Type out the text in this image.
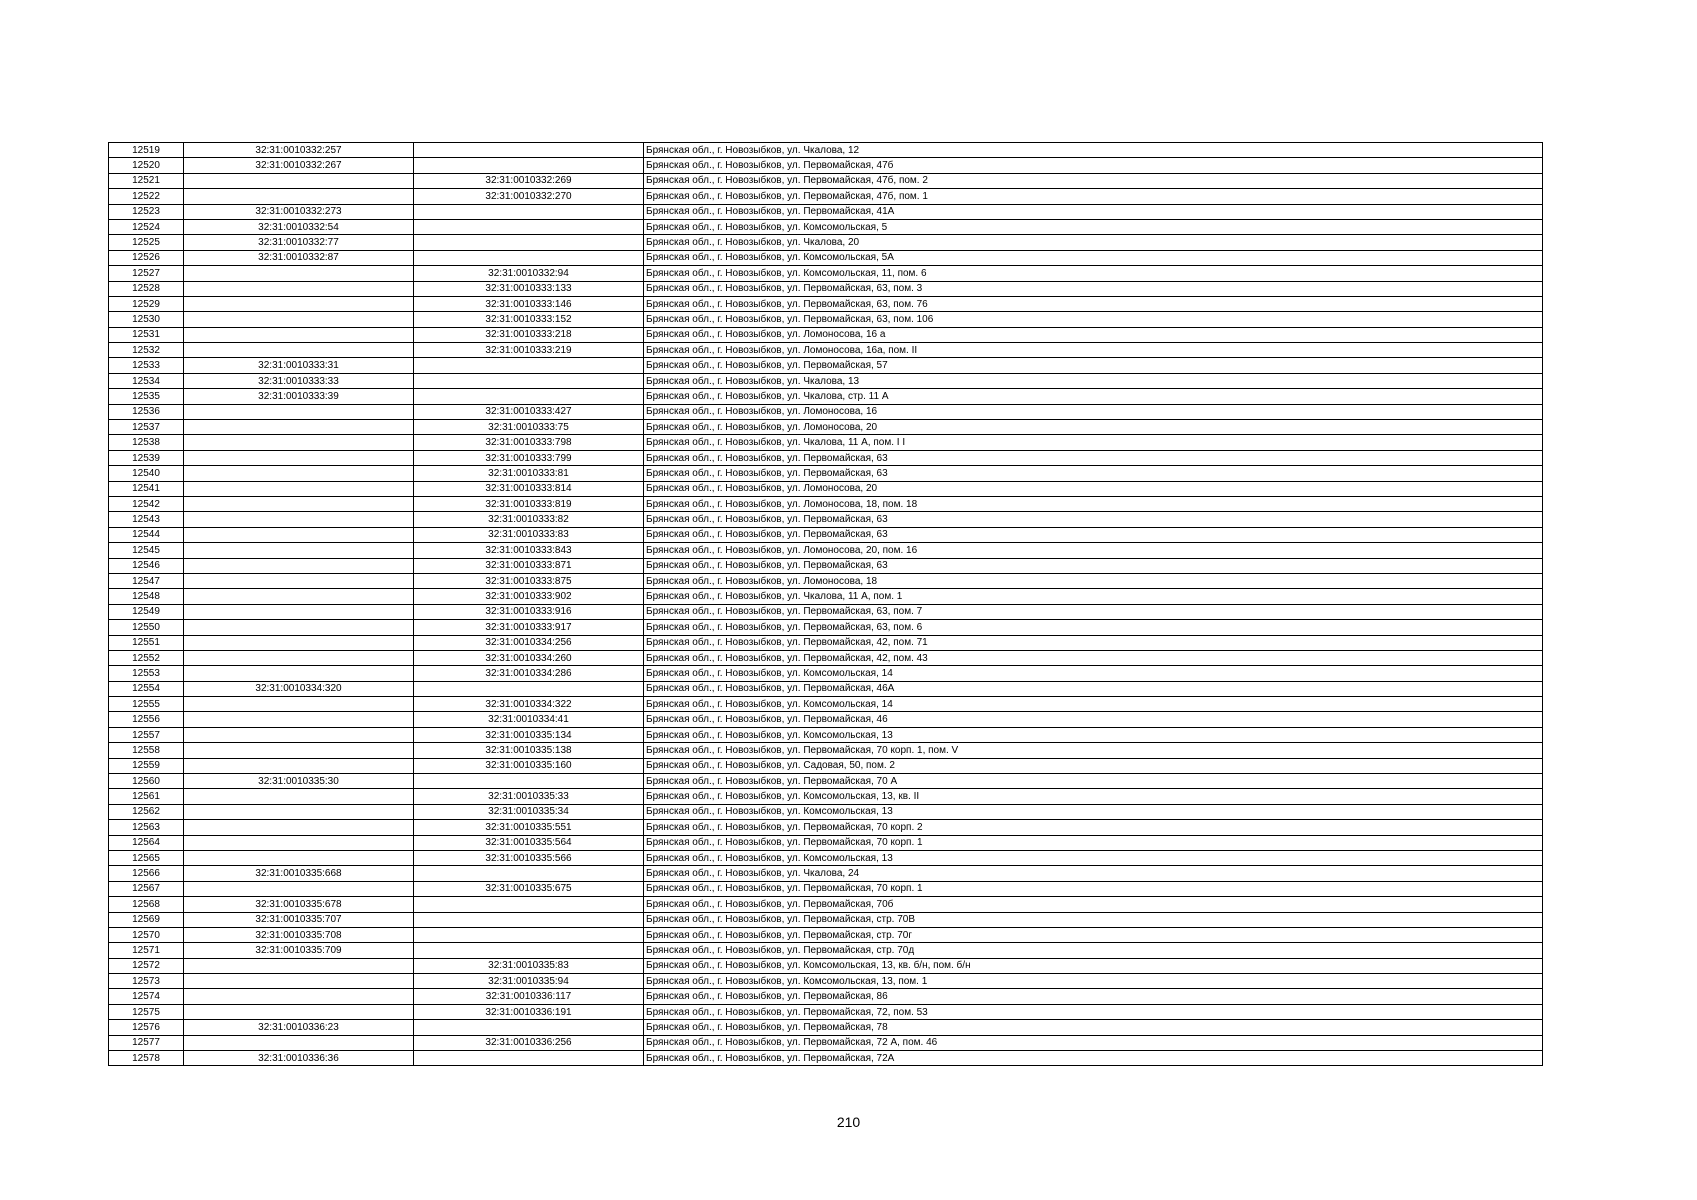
12519	32:31:0010332:257		Брянская обл., г. Новозыбков, ул. Чкалова, 12
12520	32:31:0010332:267		Брянская обл., г. Новозыбков, ул. Первомайская, 47б
12521		32:31:0010332:269	Брянская обл., г. Новозыбков, ул. Первомайская, 47б, пом. 2
12522		32:31:0010332:270	Брянская обл., г. Новозыбков, ул. Первомайская, 47б, пом. 1
12523	32:31:0010332:273		Брянская обл., г. Новозыбков, ул. Первомайская, 41А
12524	32:31:0010332:54		Брянская обл., г. Новозыбков, ул. Комсомольская, 5
12525	32:31:0010332:77		Брянская обл., г. Новозыбков, ул. Чкалова, 20
12526	32:31:0010332:87		Брянская обл., г. Новозыбков, ул. Комсомольская, 5А
12527		32:31:0010332:94	Брянская обл., г. Новозыбков, ул. Комсомольская, 11, пом. 6
12528		32:31:0010333:133	Брянская обл., г. Новозыбков, ул. Первомайская, 63, пом. 3
12529		32:31:0010333:146	Брянская обл., г. Новозыбков, ул. Первомайская, 63, пом. 76
12530		32:31:0010333:152	Брянская обл., г. Новозыбков, ул. Первомайская, 63, пом. 106
12531		32:31:0010333:218	Брянская обл., г. Новозыбков, ул. Ломоносова, 16 а
12532		32:31:0010333:219	Брянская обл., г. Новозыбков, ул. Ломоносова, 16а, пом. II
12533	32:31:0010333:31		Брянская обл., г. Новозыбков, ул. Первомайская, 57
12534	32:31:0010333:33		Брянская обл., г. Новозыбков, ул. Чкалова, 13
12535	32:31:0010333:39		Брянская обл., г. Новозыбков, ул. Чкалова, стр. 11 А
12536		32:31:0010333:427	Брянская обл., г. Новозыбков, ул. Ломоносова, 16
12537		32:31:0010333:75	Брянская обл., г. Новозыбков, ул. Ломоносова, 20
12538		32:31:0010333:798	Брянская обл., г. Новозыбков, ул. Чкалова, 11 А, пом. I I
12539		32:31:0010333:799	Брянская обл., г. Новозыбков, ул. Первомайская, 63
12540		32:31:0010333:81	Брянская обл., г. Новозыбков, ул. Первомайская, 63
12541		32:31:0010333:814	Брянская обл., г. Новозыбков, ул. Ломоносова, 20
12542		32:31:0010333:819	Брянская обл., г. Новозыбков, ул. Ломоносова, 18, пом. 18
12543		32:31:0010333:82	Брянская обл., г. Новозыбков, ул. Первомайская, 63
12544		32:31:0010333:83	Брянская обл., г. Новозыбков, ул. Первомайская, 63
12545		32:31:0010333:843	Брянская обл., г. Новозыбков, ул. Ломоносова, 20, пом. 16
12546		32:31:0010333:871	Брянская обл., г. Новозыбков, ул. Первомайская, 63
12547		32:31:0010333:875	Брянская обл., г. Новозыбков, ул. Ломоносова, 18
12548		32:31:0010333:902	Брянская обл., г. Новозыбков, ул. Чкалова, 11 А, пом. 1
12549		32:31:0010333:916	Брянская обл., г. Новозыбков, ул. Первомайская, 63, пом. 7
12550		32:31:0010333:917	Брянская обл., г. Новозыбков, ул. Первомайская, 63, пом. 6
12551		32:31:0010334:256	Брянская обл., г. Новозыбков, ул. Первомайская, 42, пом. 71
12552		32:31:0010334:260	Брянская обл., г. Новозыбков, ул. Первомайская, 42, пом. 43
12553		32:31:0010334:286	Брянская обл., г. Новозыбков, ул. Комсомольская, 14
12554	32:31:0010334:320		Брянская обл., г. Новозыбков, ул. Первомайская, 46А
12555		32:31:0010334:322	Брянская обл., г. Новозыбков, ул. Комсомольская, 14
12556		32:31:0010334:41	Брянская обл., г. Новозыбков, ул. Первомайская, 46
12557		32:31:0010335:134	Брянская обл., г. Новозыбков, ул. Комсомольская, 13
12558		32:31:0010335:138	Брянская обл., г. Новозыбков, ул. Первомайская, 70 корп. 1, пом. V
12559		32:31:0010335:160	Брянская обл., г. Новозыбков, ул. Садовая, 50, пом. 2
12560	32:31:0010335:30		Брянская обл., г. Новозыбков, ул. Первомайская, 70 А
12561		32:31:0010335:33	Брянская обл., г. Новозыбков, ул. Комсомольская, 13, кв. II
12562		32:31:0010335:34	Брянская обл., г. Новозыбков, ул. Комсомольская, 13
12563		32:31:0010335:551	Брянская обл., г. Новозыбков, ул. Первомайская, 70 корп. 2
12564		32:31:0010335:564	Брянская обл., г. Новозыбков, ул. Первомайская, 70 корп. 1
12565		32:31:0010335:566	Брянская обл., г. Новозыбков, ул. Комсомольская, 13
12566	32:31:0010335:668		Брянская обл., г. Новозыбков, ул. Чкалова, 24
12567		32:31:0010335:675	Брянская обл., г. Новозыбков, ул. Первомайская, 70 корп. 1
12568	32:31:0010335:678		Брянская обл., г. Новозыбков, ул. Первомайская, 70б
12569	32:31:0010335:707		Брянская обл., г. Новозыбков, ул. Первомайская, стр. 70В
12570	32:31:0010335:708		Брянская обл., г. Новозыбков, ул. Первомайская, стр. 70г
12571	32:31:0010335:709		Брянская обл., г. Новозыбков, ул. Первомайская, стр. 70д
12572		32:31:0010335:83	Брянская обл., г. Новозыбков, ул. Комсомольская, 13, кв. б/н, пом. б/н
12573		32:31:0010335:94	Брянская обл., г. Новозыбков, ул. Комсомольская, 13, пом. 1
12574		32:31:0010336:117	Брянская обл., г. Новозыбков, ул. Первомайская, 86
12575		32:31:0010336:191	Брянская обл., г. Новозыбков, ул. Первомайская, 72, пом. 53
12576	32:31:0010336:23		Брянская обл., г. Новозыбков, ул. Первомайская, 78
12577		32:31:0010336:256	Брянская обл., г. Новозыбков, ул. Первомайская, 72 А, пом. 46
12578	32:31:0010336:36		Брянская обл., г. Новозыбков, ул. Первомайская, 72А
210
